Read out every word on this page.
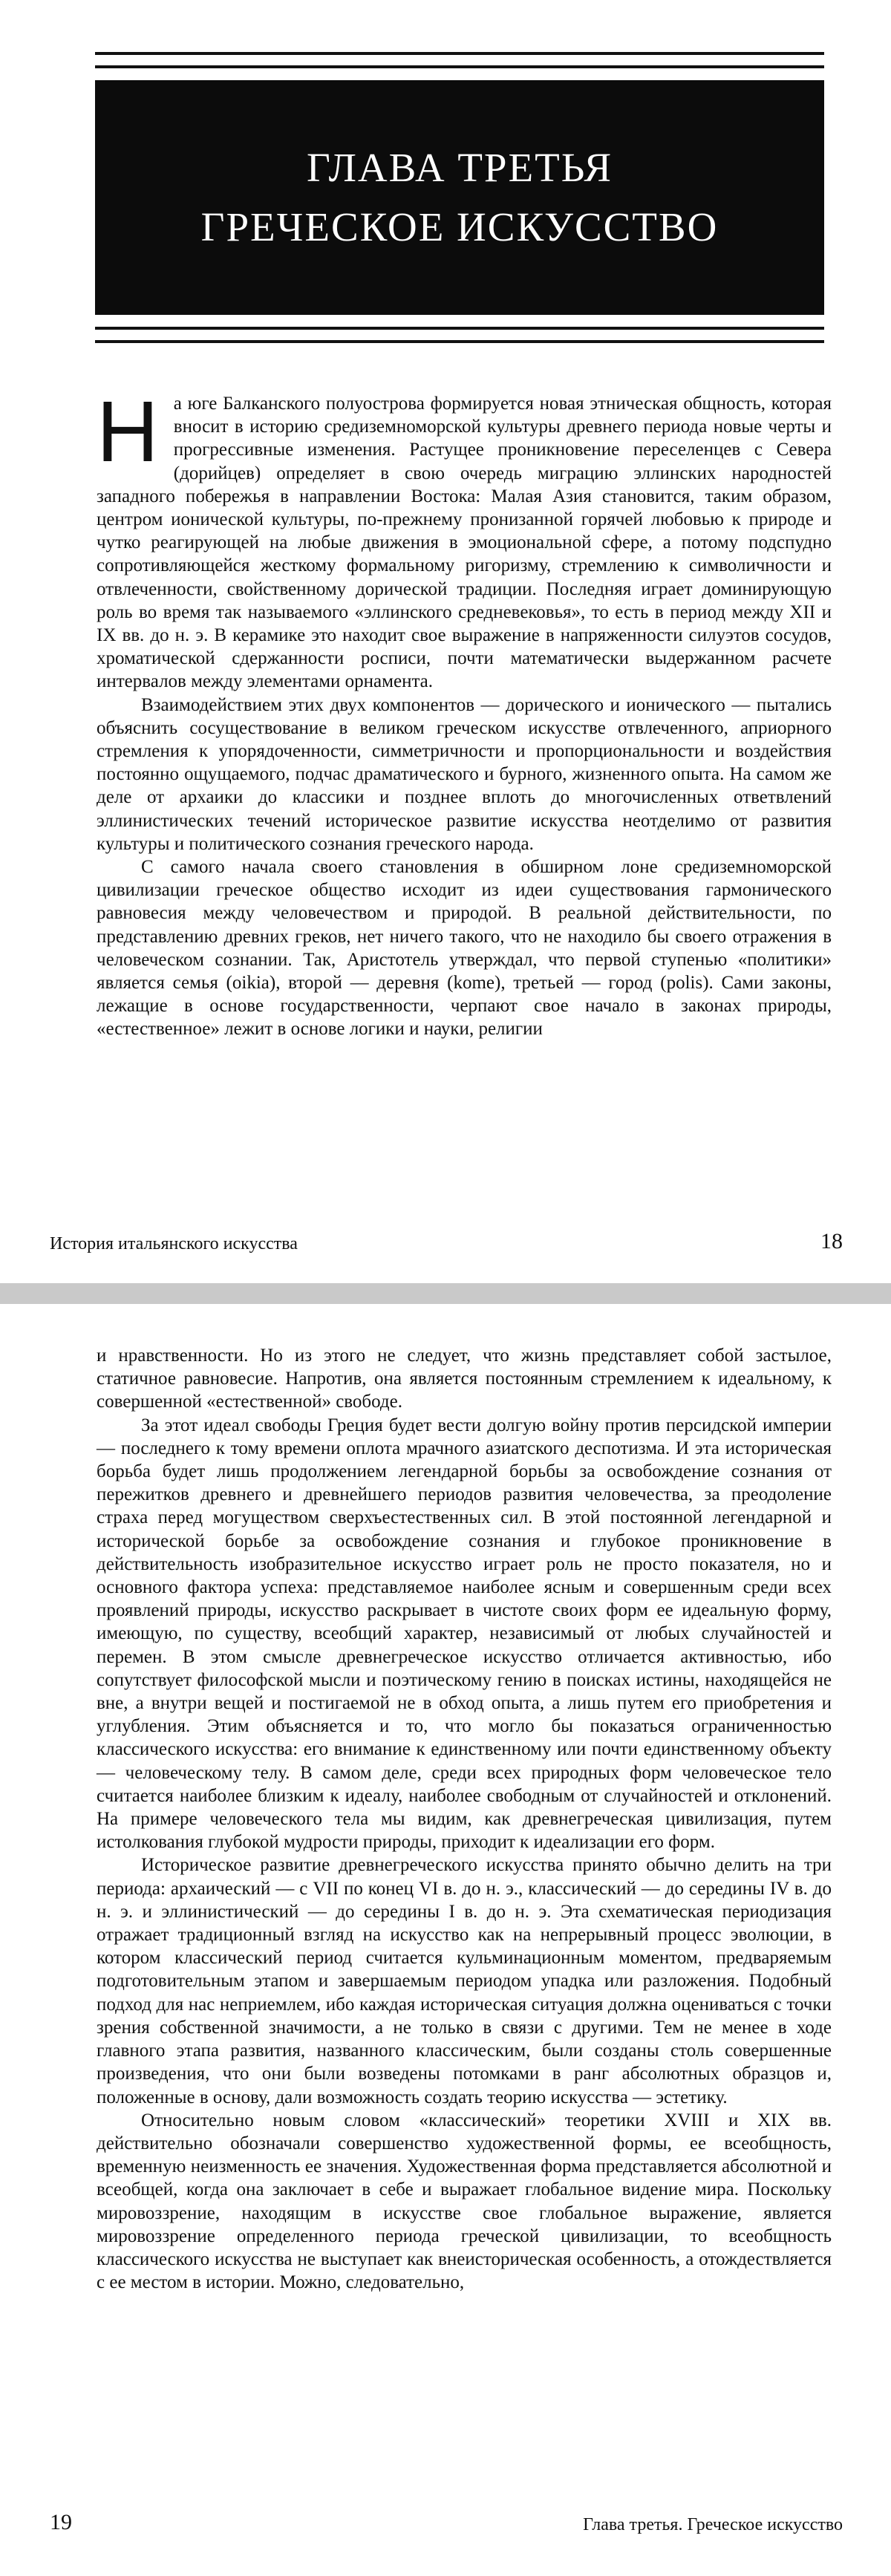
ГЛАВА ТРЕТЬЯ
ГРЕЧЕСКОЕ ИСКУССТВО

На юге Балканского полуострова формируется новая этническая общность, которая вносит в историю средиземноморской культуры древнего периода новые черты и прогрессивные изменения. Растущее проникновение переселенцев с Севера (дорийцев) определяет в свою очередь миграцию эллинских народностей западного побережья в направлении Востока: Малая Азия становится, таким образом, центром ионической культуры, по-прежнему пронизанной горячей любовью к природе и чутко реагирующей на любые движения в эмоциональной сфере, а потому подспудно сопротивляющейся жесткому формальному ригоризму, стремлению к символичности и отвлеченности, свойственному дорической традиции. Последняя играет доминирующую роль во время так называемого «эллинского средневековья», то есть в период между XII и IX вв. до н. э. В керамике это находит свое выражение в напряженности силуэтов сосудов, хроматической сдержанности росписи, почти математически выдержанном расчете интервалов между элементами орнамента.

Взаимодействием этих двух компонентов — дорического и ионического — пытались объяснить сосуществование в великом греческом искусстве отвлеченного, априорного стремления к упорядоченности, симметричности и пропорциональности и воздействия постоянно ощущаемого, подчас драматического и бурного, жизненного опыта. На самом же деле от архаики до классики и позднее вплоть до многочисленных ответвлений эллинистических течений историческое развитие искусства неотделимо от развития культуры и политического сознания греческого народа.

С самого начала своего становления в обширном лоне средиземноморской цивилизации греческое общество исходит из идеи существования гармонического равновесия между человечеством и природой. В реальной действительности, по представлению древних греков, нет ничего такого, что не находило бы своего отражения в человеческом сознании. Так, Аристотель утверждал, что первой ступенью «политики» является семья (oikia), второй — деревня (kome), третьей — город (polis). Сами законы, лежащие в основе государственности, черпают свое начало в законах природы, «естественное» лежит в основе логики и науки, религии

История итальянского искусства	18

и нравственности. Но из этого не следует, что жизнь представляет собой застылое, статичное равновесие. Напротив, она является постоянным стремлением к идеальному, к совершенной «естественной» свободе.

За этот идеал свободы Греция будет вести долгую войну против персидской империи — последнего к тому времени оплота мрачного азиатского деспотизма. И эта историческая борьба будет лишь продолжением легендарной борьбы за освобождение сознания от пережитков древнего и древнейшего периодов развития человечества, за преодоление страха перед могуществом сверхъестественных сил. В этой постоянной легендарной и исторической борьбе за освобождение сознания и глубокое проникновение в действительность изобразительное искусство играет роль не просто показателя, но и основного фактора успеха: представляемое наиболее ясным и совершенным среди всех проявлений природы, искусство раскрывает в чистоте своих форм ее идеальную форму, имеющую, по существу, всеобщий характер, независимый от любых случайностей и перемен. В этом смысле древнегреческое искусство отличается активностью, ибо сопутствует философской мысли и поэтическому гению в поисках истины, находящейся не вне, а внутри вещей и постигаемой не в обход опыта, а лишь путем его приобретения и углубления. Этим объясняется и то, что могло бы показаться ограниченностью классического искусства: его внимание к единственному или почти единственному объекту — человеческому телу. В самом деле, среди всех природных форм человеческое тело считается наиболее близким к идеалу, наиболее свободным от случайностей и отклонений. На примере человеческого тела мы видим, как древнегреческая цивилизация, путем истолкования глубокой мудрости природы, приходит к идеализации его форм.

Историческое развитие древнегреческого искусства принято обычно делить на три периода: архаический — с VII по конец VI в. до н. э., классический — до середины IV в. до н. э. и эллинистический — до середины I в. до н. э. Эта схематическая периодизация отражает традиционный взгляд на искусство как на непрерывный процесс эволюции, в котором классический период считается кульминационным моментом, предваряемым подготовительным этапом и завершаемым периодом упадка или разложения. Подобный подход для нас неприемлем, ибо каждая историческая ситуация должна оцениваться с точки зрения собственной значимости, а не только в связи с другими. Тем не менее в ходе главного этапа развития, названного классическим, были созданы столь совершенные произведения, что они были возведены потомками в ранг абсолютных образцов и, положенные в основу, дали возможность создать теорию искусства — эстетику.

Относительно новым словом «классический» теоретики XVIII и XIX вв. действительно обозначали совершенство художественной формы, ее всеобщность, временную неизменность ее значения. Художественная форма представляется абсолютной и всеобщей, когда она заключает в себе и выражает глобальное видение мира. Поскольку мировоззрение, находящим в искусстве свое глобальное выражение, является мировоззрение определенного периода греческой цивилизации, то всеобщность классического искусства не выступает как внеисторическая особенность, а отождествляется с ее местом в истории. Можно, следовательно,

19	Глава третья. Греческое искусство
